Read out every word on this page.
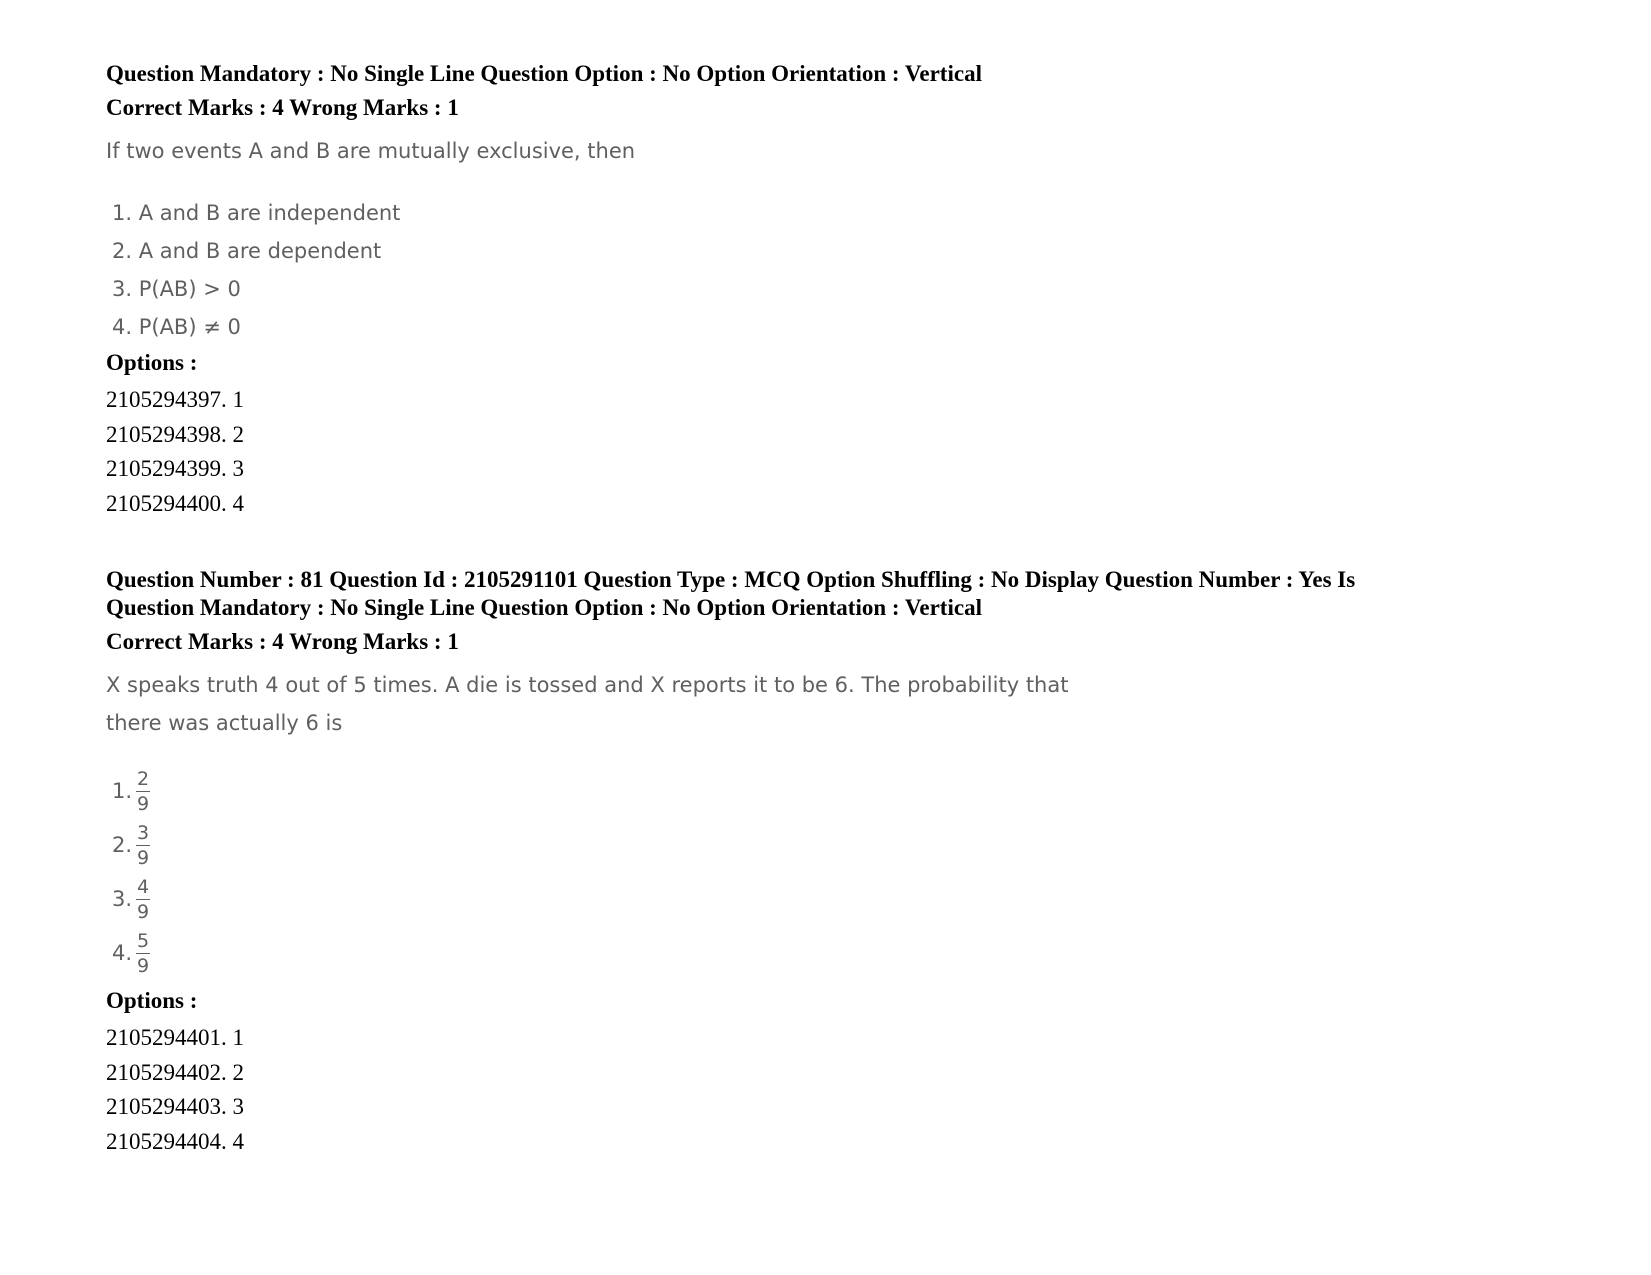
Question Mandatory : No Single Line Question Option : No Option Orientation : Vertical
Correct Marks : 4 Wrong Marks : 1
If two events A and B are mutually exclusive, then
1. A and B are independent
2. A and B are dependent
3. P(AB) > 0
4. P(AB) ≠ 0
Options :
2105294397. 1
2105294398. 2
2105294399. 3
2105294400. 4
Question Number : 81 Question Id : 2105291101 Question Type : MCQ Option Shuffling : No Display Question Number : Yes Is
Question Mandatory : No Single Line Question Option : No Option Orientation : Vertical
Correct Marks : 4 Wrong Marks : 1
X speaks truth 4 out of 5 times. A die is tossed and X reports it to be 6. The probability that
there was actually 6 is
1. $\frac{2}{9}$
2. $\frac{3}{9}$
3. $\frac{4}{9}$
4. $\frac{5}{9}$
Options :
2105294401. 1
2105294402. 2
2105294403. 3
2105294404. 4
